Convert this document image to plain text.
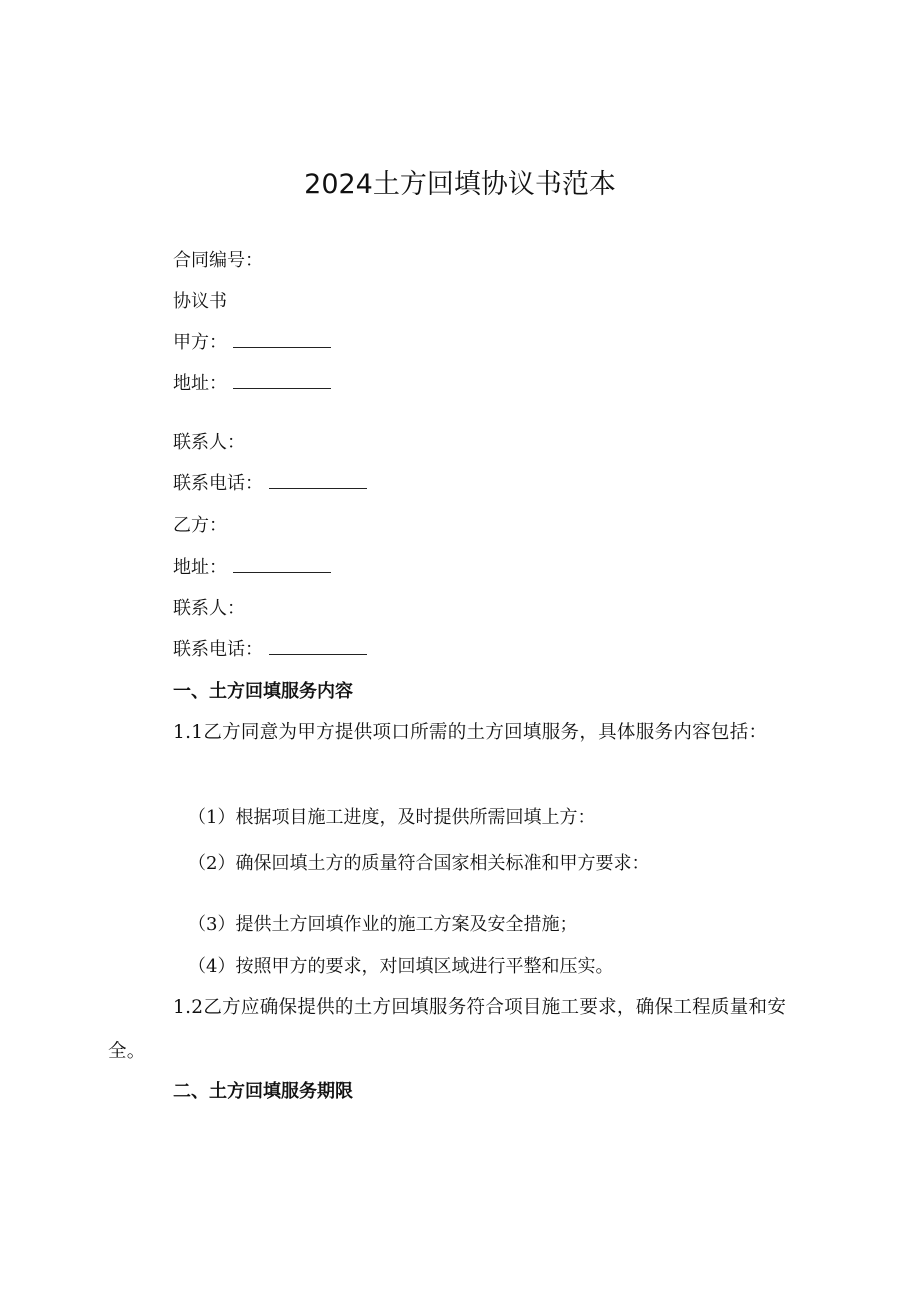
2024土方回填协议书范本
合同编号：
协议书
甲方：
地址：
联系人：
联系电话：
乙方：
地址：
联系人：
联系电话：
一、土方回填服务内容
1.1乙方同意为甲方提供项口所需的土方回填服务，具体服务内容包括：
（1）根据项目施工进度，及时提供所需回填上方：
（2）确保回填土方的质量符合国家相关标准和甲方要求：
（3）提供土方回填作业的施工方案及安全措施；
（4）按照甲方的要求，对回填区域进行平整和压实。
1.2乙方应确保提供的土方回填服务符合项目施工要求，确保工程质量和安全。
二、土方回填服务期限
